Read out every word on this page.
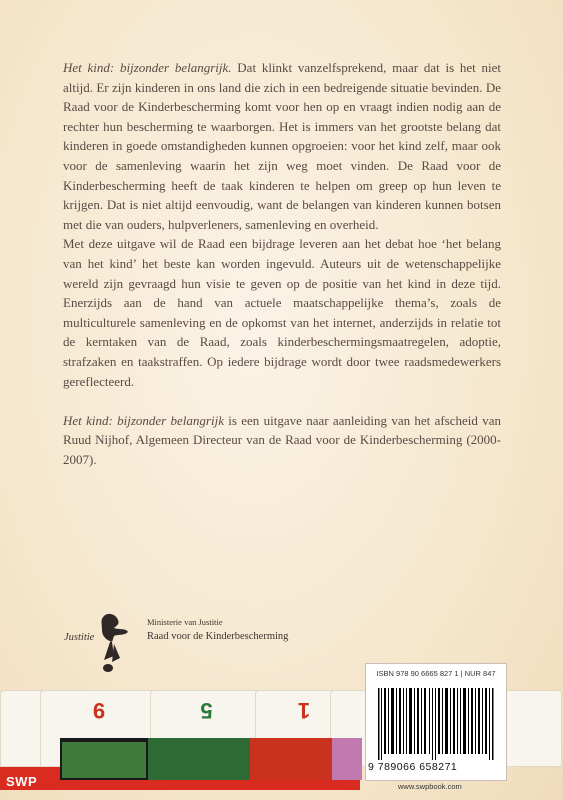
Het kind: bijzonder belangrijk. Dat klinkt vanzelfsprekend, maar dat is het niet altijd. Er zijn kinderen in ons land die zich in een bedreigende situatie bevinden. De Raad voor de Kinderbescherming komt voor hen op en vraagt indien nodig aan de rechter hun bescherming te waarborgen. Het is immers van het grootste belang dat kinderen in goede omstandigheden kunnen opgroeien: voor het kind zelf, maar ook voor de samenleving waarin het zijn weg moet vinden. De Raad voor de Kinderbescherming heeft de taak kinderen te helpen om greep op hun leven te krijgen. Dat is niet altijd eenvoudig, want de belangen van kinderen kunnen botsen met die van ouders, hulpverleners, samenleving en overheid.

Met deze uitgave wil de Raad een bijdrage leveren aan het debat hoe ‘het belang van het kind’ het beste kan worden ingevuld. Auteurs uit de wetenschappelijke wereld zijn gevraagd hun visie te geven op de positie van het kind in deze tijd. Enerzijds aan de hand van actuele maatschappelijke thema’s, zoals de multiculturele samenleving en de opkomst van het internet, anderzijds in relatie tot de kerntaken van de Raad, zoals kinderbeschermingsmaatregelen, adoptie, strafzaken en taakstraffen. Op iedere bijdrage wordt door twee raadsmedewerkers gereflecteerd.

Het kind: bijzonder belangrijk is een uitgave naar aanleiding van het afscheid van Ruud Nijhof, Algemeen Directeur van de Raad voor de Kinderbescherming (2000-2007).

Justitie
Ministerie van Justitie
Raad voor de Kinderbescherming
9	5	1
SWP
ISBN 978 90 6665 827 1 | NUR 847
9 789066 658271
www.swpbook.com
